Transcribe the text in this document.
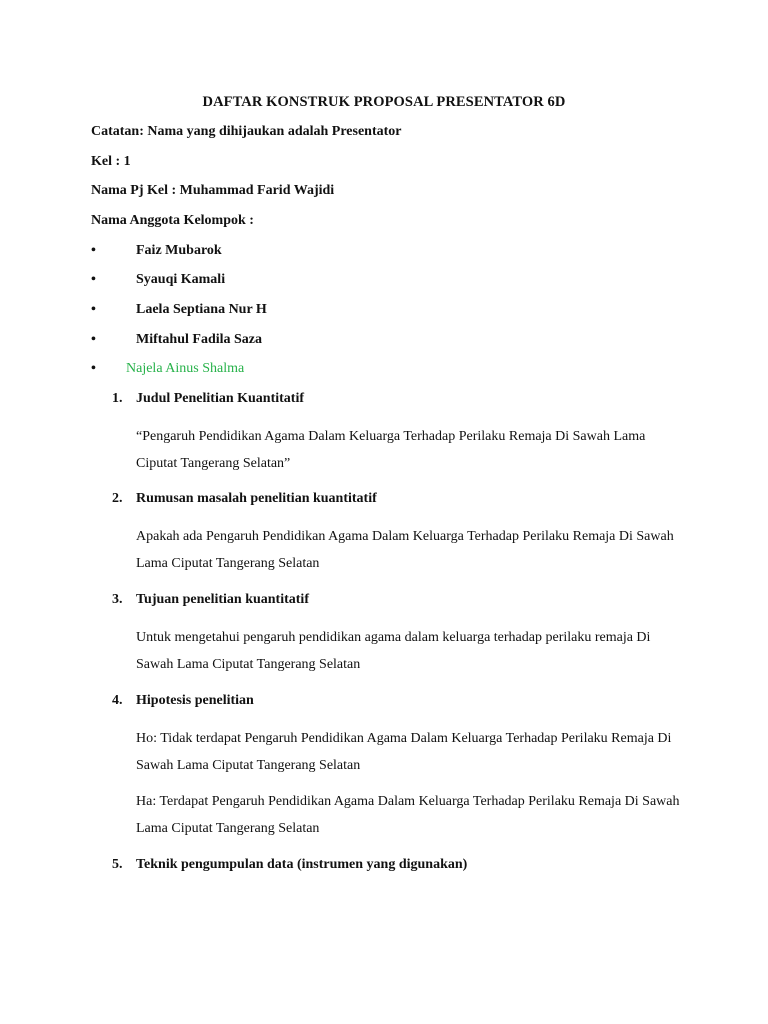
DAFTAR KONSTRUK PROPOSAL PRESENTATOR 6D
Catatan: Nama yang dihijaukan adalah Presentator
Kel : 1
Nama Pj Kel : Muhammad Farid Wajidi
Nama Anggota Kelompok :
•	Faiz Mubarok
•	Syauqi Kamali
•	Laela Septiana Nur H
•	Miftahul Fadila Saza
• Najela Ainus Shalma
1. Judul Penelitian Kuantitatif
“Pengaruh Pendidikan Agama Dalam Keluarga Terhadap Perilaku Remaja Di Sawah Lama Ciputat Tangerang Selatan”
2. Rumusan masalah penelitian kuantitatif
Apakah ada Pengaruh Pendidikan Agama Dalam Keluarga Terhadap Perilaku Remaja Di Sawah Lama Ciputat Tangerang Selatan
3. Tujuan penelitian kuantitatif
Untuk mengetahui pengaruh pendidikan agama dalam keluarga terhadap perilaku remaja Di Sawah Lama Ciputat Tangerang Selatan
4. Hipotesis penelitian
Ho: Tidak terdapat Pengaruh Pendidikan Agama Dalam Keluarga Terhadap Perilaku Remaja Di Sawah Lama Ciputat Tangerang Selatan
Ha: Terdapat Pengaruh Pendidikan Agama Dalam Keluarga Terhadap Perilaku Remaja Di Sawah Lama Ciputat Tangerang Selatan
5. Teknik pengumpulan data (instrumen yang digunakan)
